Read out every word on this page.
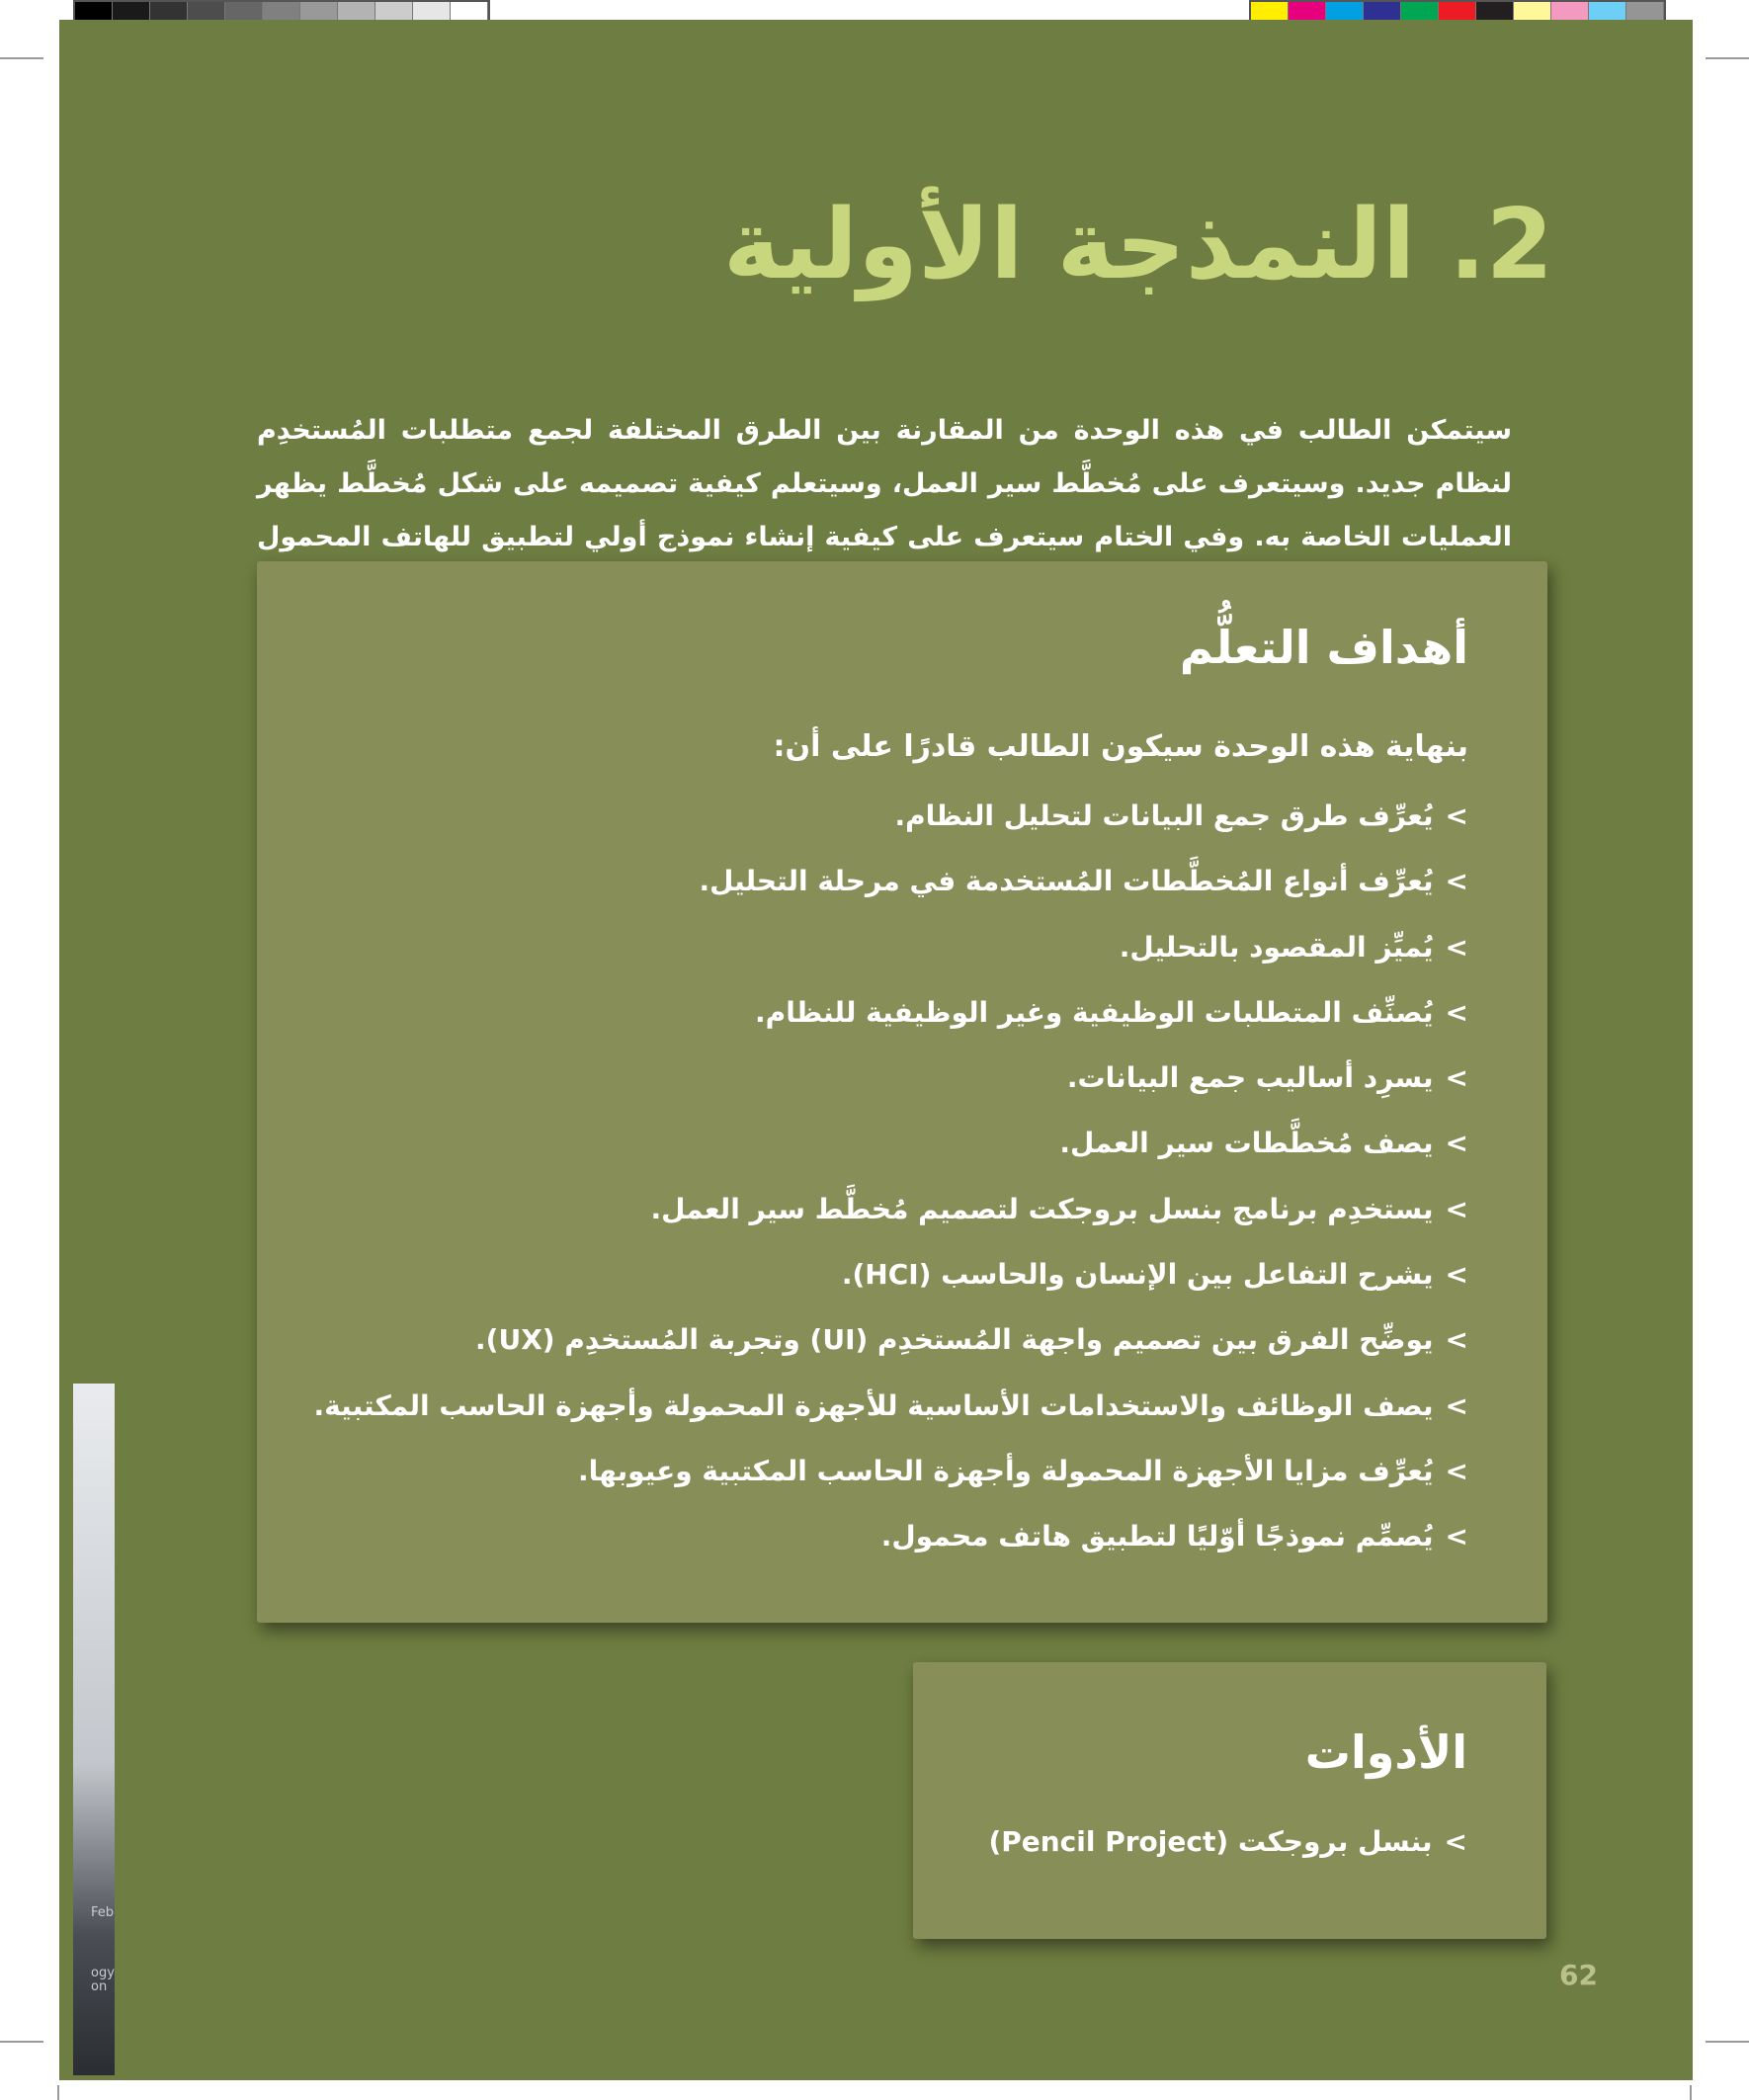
Feb
ogy
on
2. النمذجة الأولية

سيتمكن الطالب في هذه الوحدة من المقارنة بين الطرق المختلفة لجمع متطلبات المُستخدِم لنظام جديد. وسيتعرف على مُخطَّط سير العمل، وسيتعلم كيفية تصميمه على شكل مُخطَّط يظهر العمليات الخاصة به. وفي الختام سيتعرف على كيفية إنشاء نموذج أولي لتطبيق للهاتف المحمول

أهداف التعلُّم

بنهاية هذه الوحدة سيكون الطالب قادرًا على أن:

>يُعرِّف طرق جمع البيانات لتحليل النظام.
>يُعرِّف أنواع المُخطَّطات المُستخدمة في مرحلة التحليل.
>يُميِّز المقصود بالتحليل.
>يُصنِّف المتطلبات الوظيفية وغير الوظيفية للنظام.
>يسرِد أساليب جمع البيانات.
>يصف مُخطَّطات سير العمل.
>يستخدِم برنامج بنسل بروجكت لتصميم مُخطَّط سير العمل.
>يشرح التفاعل بين الإنسان والحاسب (HCI).
>يوضِّح الفرق بين تصميم واجهة المُستخدِم (UI) وتجربة المُستخدِم (UX).
>يصف الوظائف والاستخدامات الأساسية للأجهزة المحمولة وأجهزة الحاسب المكتبية.
>يُعرِّف مزايا الأجهزة المحمولة وأجهزة الحاسب المكتبية وعيوبها.
>يُصمِّم نموذجًا أوّليًا لتطبيق هاتف محمول.
الأدوات
>بنسل بروجكت (Pencil Project)
62
